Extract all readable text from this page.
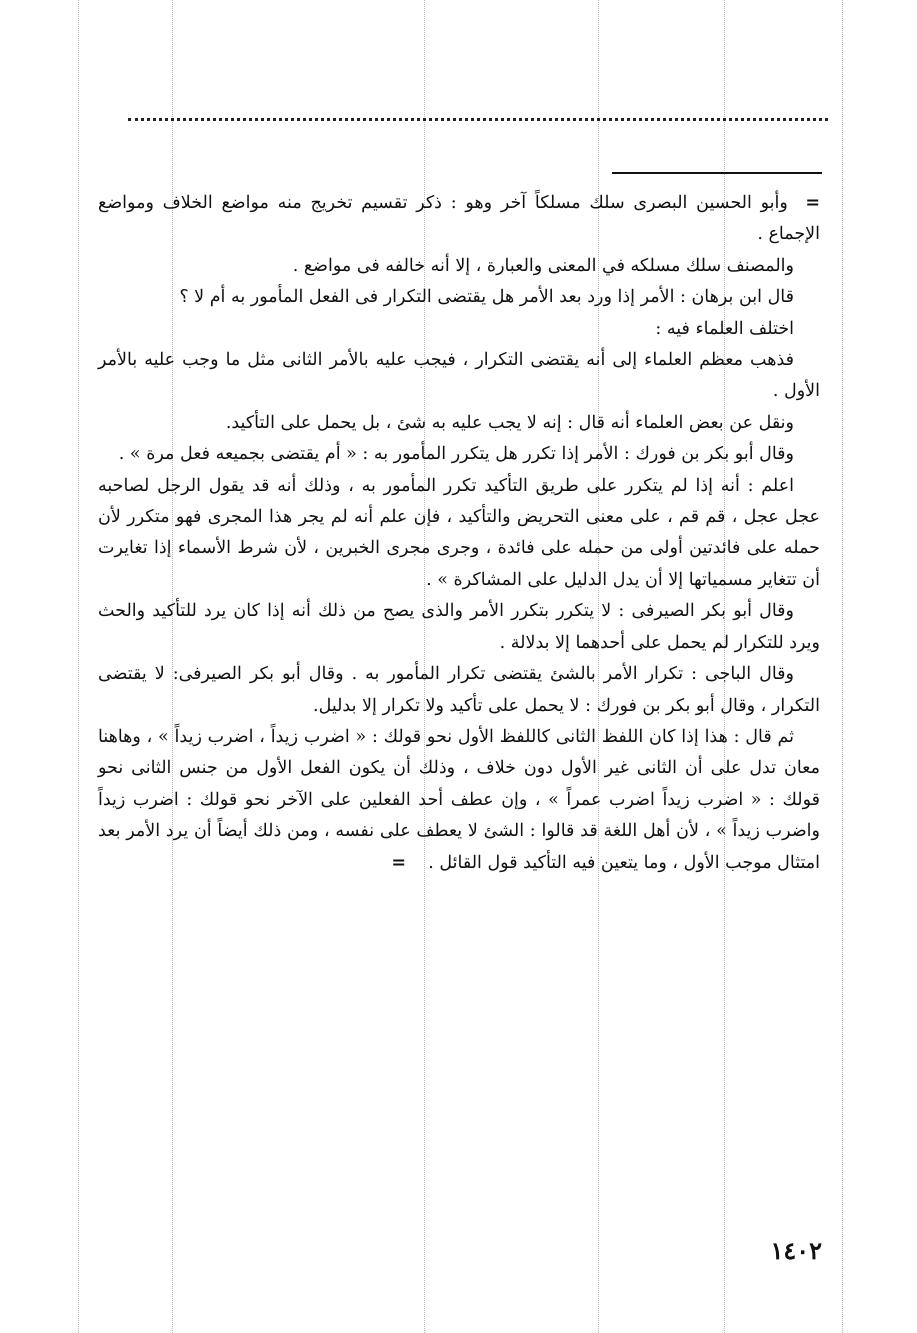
=  وأبو الحسين البصرى سلك مسلكاً آخر وهو : ذكر تقسيم تخريج منه مواضع الخلاف ومواضع الإجماع .

والمصنف سلك مسلكه في المعنى والعبارة ، إلا أنه خالفه فى مواضع .

قال ابن برهان : الأمر إذا ورد بعد الأمر هل يقتضى التكرار فى الفعل المأمور به أم لا ؟

اختلف العلماء فيه :

فذهب معظم العلماء إلى أنه يقتضى التكرار ، فيجب عليه بالأمر الثانى مثل ما وجب عليه بالأمر الأول .

ونقل عن بعض العلماء أنه قال : إنه لا يجب عليه به شئ ، بل يحمل على التأكيد.

وقال أبو بكر بن فورك : الأمر إذا تكرر هل يتكرر المأمور به : « أم يقتضى بجميعه فعل مرة » .

اعلم : أنه إذا لم يتكرر على طريق التأكيد تكرر المأمور به ، وذلك أنه قد يقول الرجل لصاحبه عجل عجل ، قم قم ، على معنى التحريض والتأكيد ، فإن علم أنه لم يجر هذا المجرى فهو متكرر لأن حمله على فائدتين أولى من حمله على فائدة ، وجرى مجرى الخبرين ، لأن شرط الأسماء إذا تغايرت أن تتغاير مسمياتها إلا أن يدل الدليل على المشاكرة » .

وقال أبو بكر الصيرفى : لا يتكرر بتكرر الأمر والذى يصح من ذلك أنه إذا كان يرد للتأكيد والحث ويرد للتكرار لم يحمل على أحدهما إلا بدلالة .

وقال الباجى : تكرار الأمر بالشئ يقتضى تكرار المأمور به . وقال أبو بكر الصيرفى: لا يقتضى التكرار ، وقال أبو بكر بن فورك : لا يحمل على تأكيد ولا تكرار إلا بدليل.

ثم قال : هذا إذا كان اللفظ الثانى كاللفظ الأول نحو قولك : « اضرب زيداً ، اضرب زيداً » ، وهاهنا معان تدل على أن الثانى غير الأول دون خلاف ، وذلك أن يكون الفعل الأول من جنس الثانى نحو قولك : « اضرب زيداً اضرب عمراً » ، وإن عطف أحد الفعلين على الآخر نحو قولك : اضرب زيداً واضرب زيداً » ، لأن أهل اللغة قد قالوا : الشئ لا يعطف على نفسه ، ومن ذلك أيضاً أن يرد الأمر بعد امتثال موجب الأول ، وما يتعين فيه التأكيد قول القائل .    =

١٤٠٢
